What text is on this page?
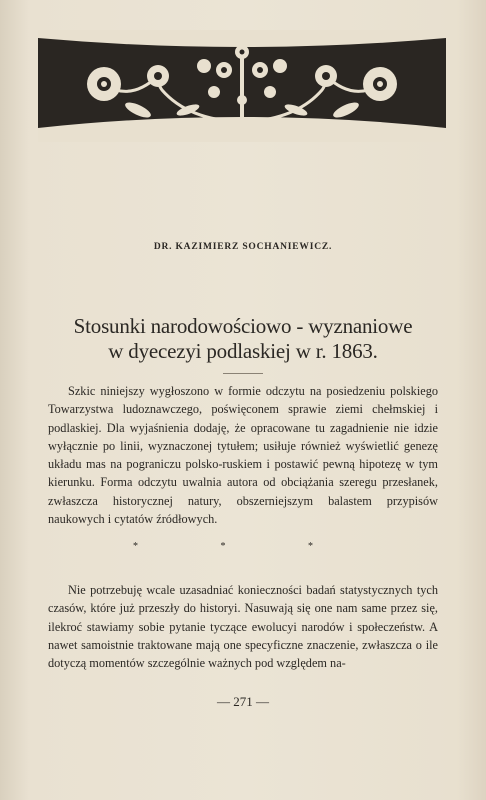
DR. KAZIMIERZ SOCHANIEWICZ.

Stosunki narodowościowo - wyznaniowe
w dyecezyi podlaskiej w r. 1863.

Szkic niniejszy wygłoszono w formie odczytu na posiedzeniu polskiego Towarzystwa ludoznawczego, poświęconem sprawie ziemi chełmskiej i podlaskiej. Dla wyjaśnienia dodaję, że opracowane tu zagadnienie nie idzie wyłącznie po linii, wyznaczonej tytułem; usiłuje również wyświetlić genezę układu mas na pograniczu polsko-ruskiem i postawić pewną hipotezę w tym kierunku. Forma odczytu uwalnia autora od obciążania szeregu przesłanek, zwłaszcza historycznej natury, obszerniejszym balastem przypisów naukowych i cytatów źródłowych.

* * *

Nie potrzebuję wcale uzasadniać konieczności badań statystycznych tych czasów, które już przeszły do historyi. Nasuwają się one nam same przez się, ilekroć stawiamy sobie pytanie tyczące ewolucyi narodów i społeczeństw. A nawet samoistnie traktowane mają one specyficzne znaczenie, zwłaszcza o ile dotyczą momentów szczególnie ważnych pod względem na-

— 271 —
